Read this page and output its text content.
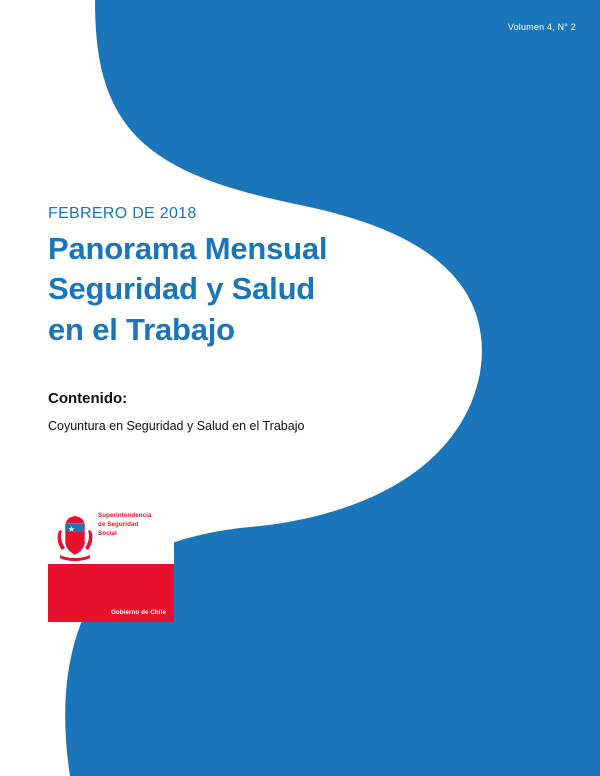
Volumen 4, N° 2
FEBRERO DE 2018
Panorama Mensual
Seguridad y Salud
en el Trabajo
Contenido:
Coyuntura en Seguridad y Salud en el Trabajo
Superintendencia
de Seguridad
Social
Gobierno de Chile
